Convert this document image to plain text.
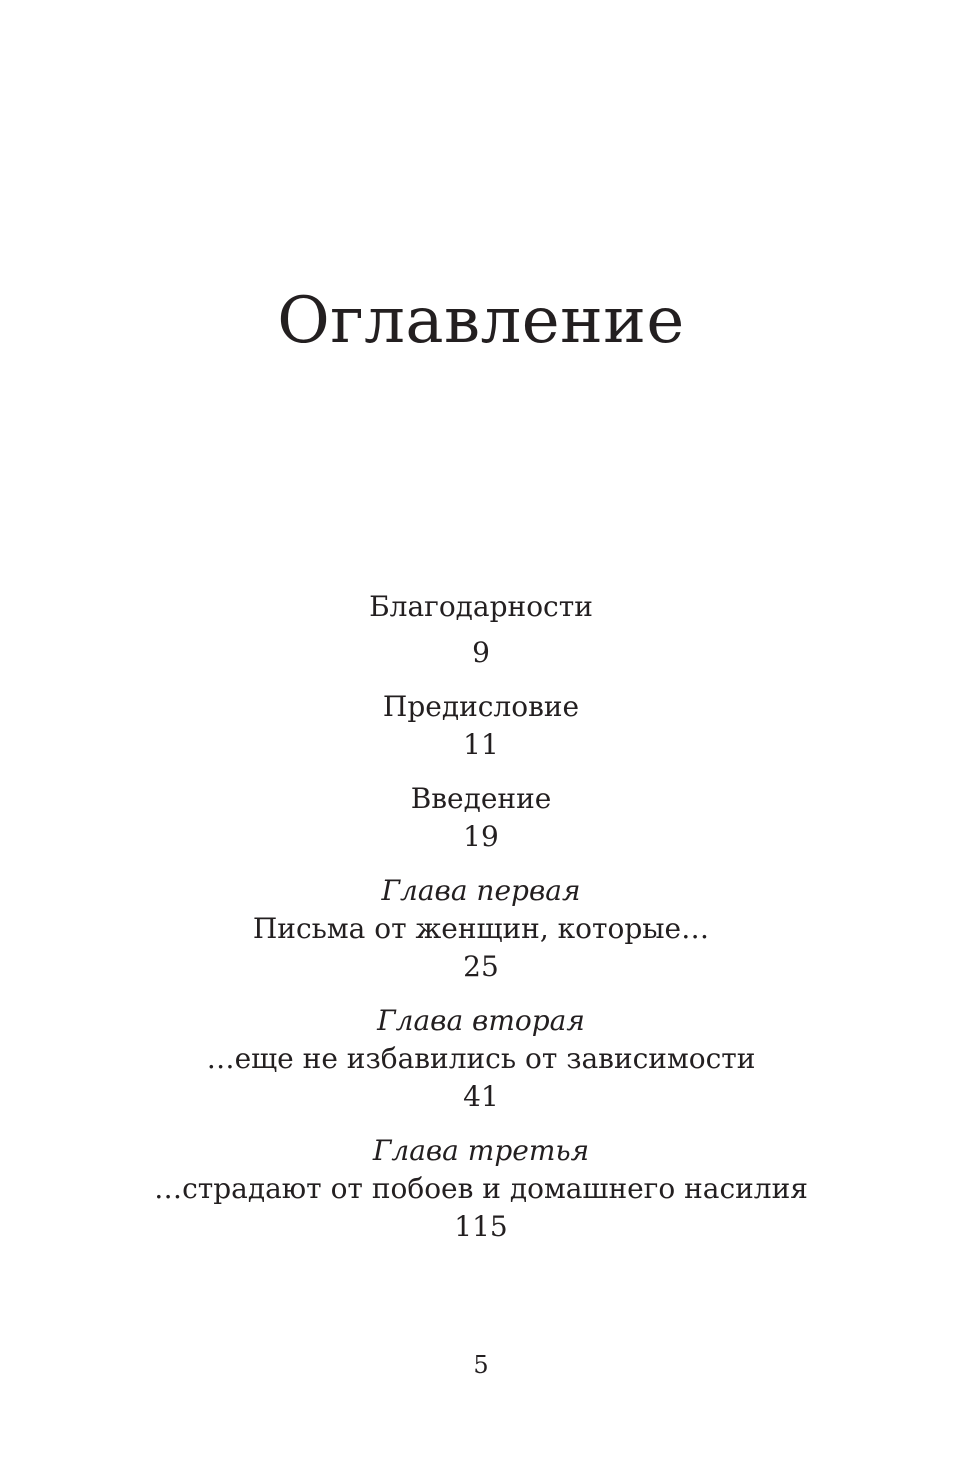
Оглавление
Благодарности
9
Предисловие
11
Введение
19
Глава первая
Письма от женщин, которые…
25
Глава вторая
…еще не избавились от зависимости
41
Глава третья
…страдают от побоев и домашнего насилия
115
5
